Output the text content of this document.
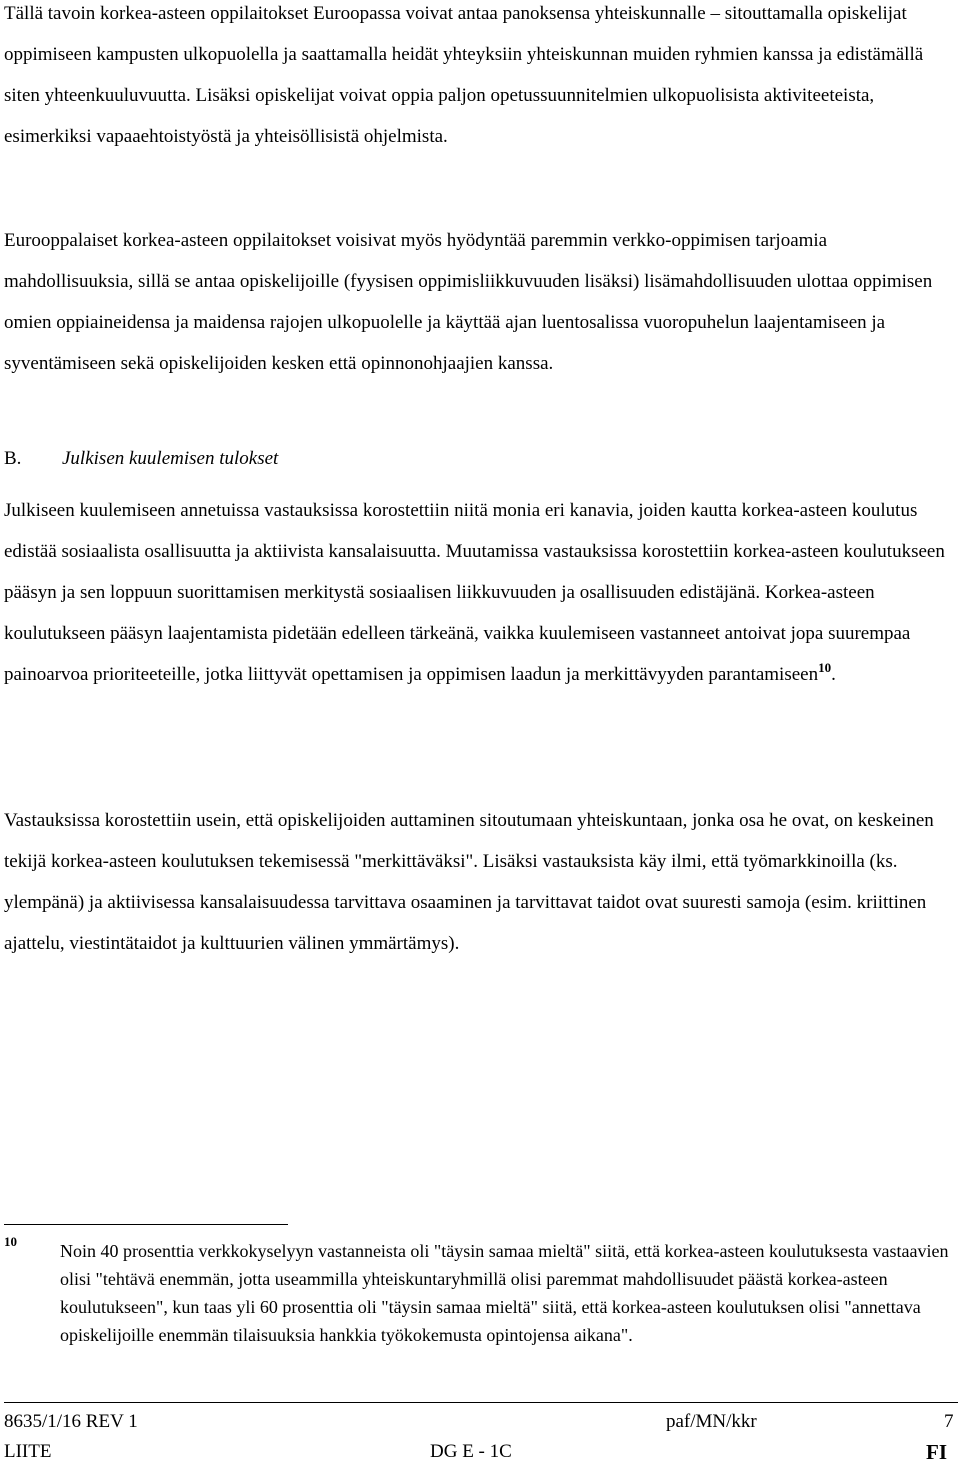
Tällä tavoin korkea-asteen oppilaitokset Euroopassa voivat antaa panoksensa yhteiskunnalle – sitouttamalla opiskelijat oppimiseen kampusten ulkopuolella ja saattamalla heidät yhteyksiin yhteiskunnan muiden ryhmien kanssa ja edistämällä siten yhteenkuuluvuutta. Lisäksi opiskelijat voivat oppia paljon opetussuunnitelmien ulkopuolisista aktiviteeteista, esimerkiksi vapaaehtoistyöstä ja yhteisöllisistä ohjelmista.

Eurooppalaiset korkea-asteen oppilaitokset voisivat myös hyödyntää paremmin verkko-oppimisen tarjoamia mahdollisuuksia, sillä se antaa opiskelijoille (fyysisen oppimisliikkuvuuden lisäksi) lisämahdollisuuden ulottaa oppimisen omien oppiaineidensa ja maidensa rajojen ulkopuolelle ja käyttää ajan luentosalissa vuoropuhelun laajentamiseen ja syventämiseen sekä opiskelijoiden kesken että opinnonohjaajien kanssa.

B. Julkisen kuulemisen tulokset

Julkiseen kuulemiseen annetuissa vastauksissa korostettiin niitä monia eri kanavia, joiden kautta korkea-asteen koulutus edistää sosiaalista osallisuutta ja aktiivista kansalaisuutta. Muutamissa vastauksissa korostettiin korkea-asteen koulutukseen pääsyn ja sen loppuun suorittamisen merkitystä sosiaalisen liikkuvuuden ja osallisuuden edistäjänä. Korkea-asteen koulutukseen pääsyn laajentamista pidetään edelleen tärkeänä, vaikka kuulemiseen vastanneet antoivat jopa suurempaa painoarvoa prioriteeteille, jotka liittyvät opettamisen ja oppimisen laadun ja merkittävyyden parantamiseen$^{10}$.

Vastauksissa korostettiin usein, että opiskelijoiden auttaminen sitoutumaan yhteiskuntaan, jonka osa he ovat, on keskeinen tekijä korkea-asteen koulutuksen tekemisessä "merkittäväksi". Lisäksi vastauksista käy ilmi, että työmarkkinoilla (ks. ylempänä) ja aktiivisessa kansalaisuudessa tarvittava osaaminen ja tarvittavat taidot ovat suuresti samoja (esim. kriittinen ajattelu, viestintätaidot ja kulttuurien välinen ymmärtämys).

10 Noin 40 prosenttia verkkokyselyyn vastanneista oli "täysin samaa mieltä" siitä, että korkea-asteen koulutuksesta vastaavien olisi "tehtävä enemmän, jotta useammilla yhteiskuntaryhmillä olisi paremmat mahdollisuudet päästä korkea-asteen koulutukseen", kun taas yli 60 prosenttia oli "täysin samaa mieltä" siitä, että korkea-asteen koulutuksen olisi "annettava opiskelijoille enemmän tilaisuuksia hankkia työkokemusta opintojensa aikana".

8635/1/16 REV 1	paf/MN/kkr	7
LIITE	DG E - 1C	FI
